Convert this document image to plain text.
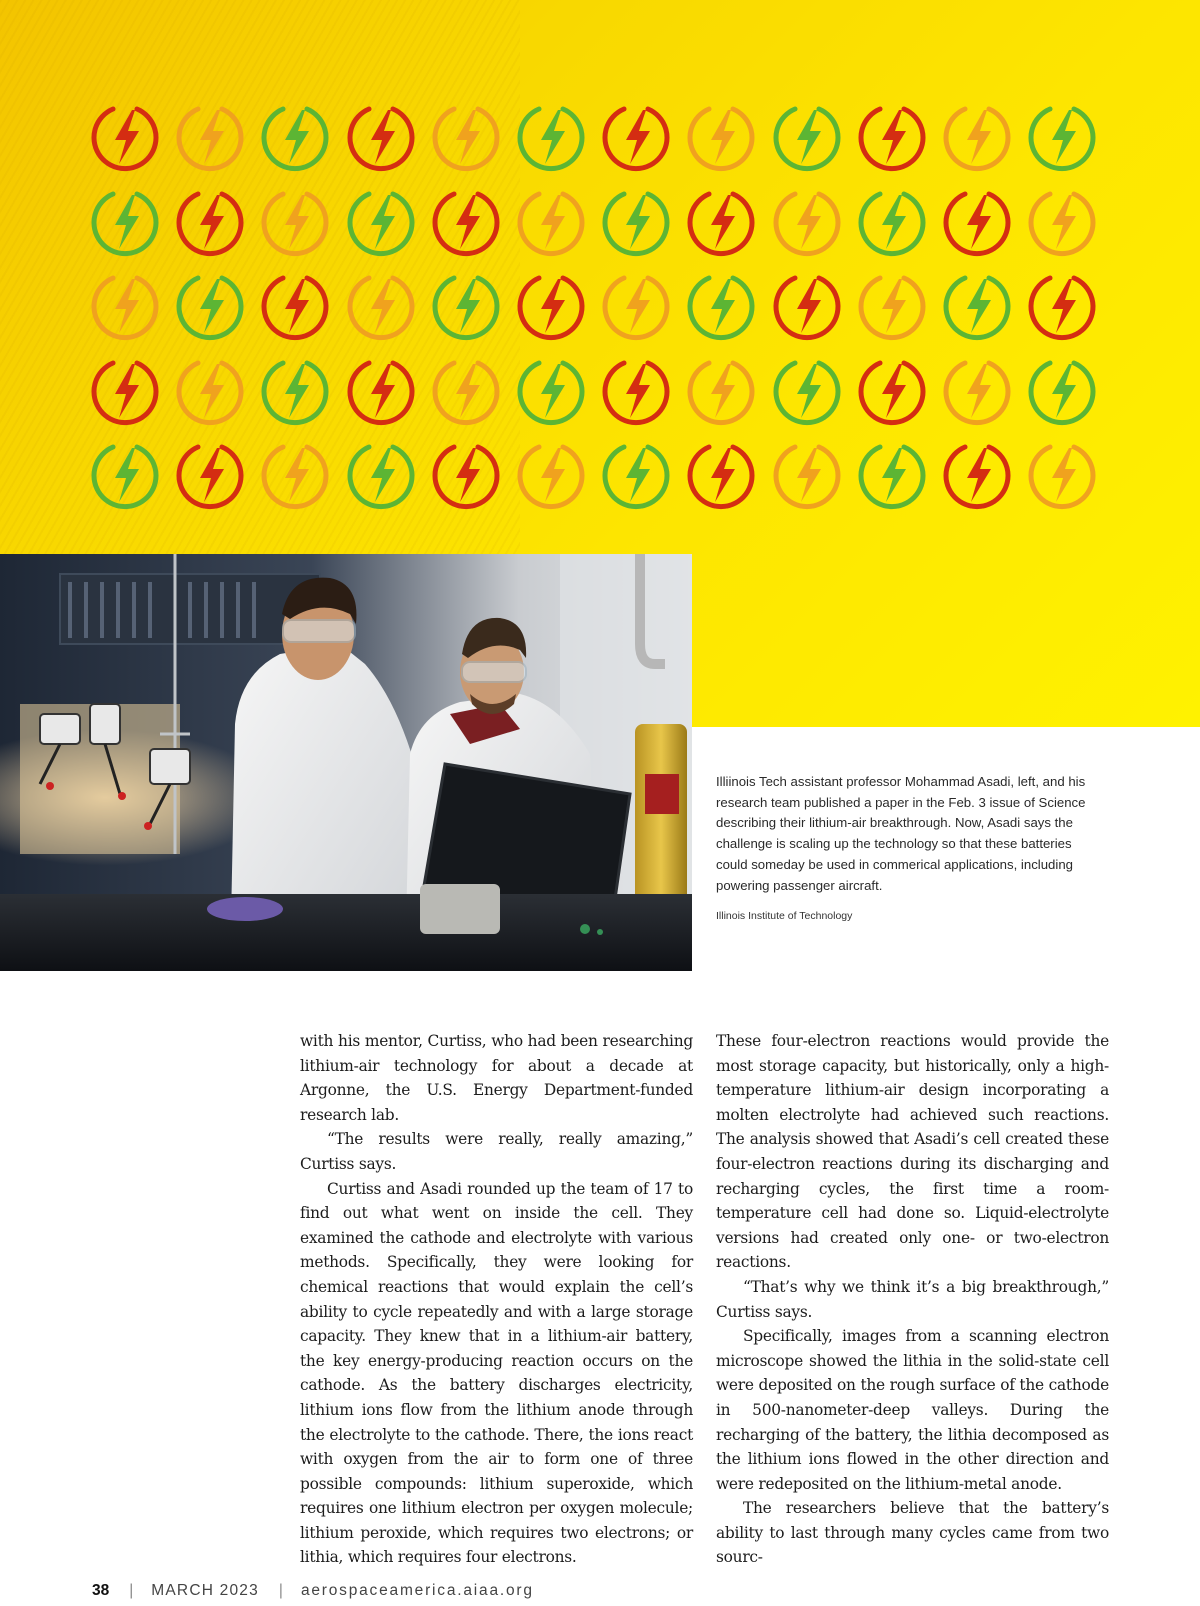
Illiinois Tech assistant professor Mohammad Asadi, left, and his research team published a paper in the Feb. 3 issue of Science describing their lithium-air breakthrough. Now, Asadi says the challenge is scaling up the technology so that these batteries could someday be used in commerical applications, including powering passenger aircraft.

Illinois Institute of Technology

with his mentor, Curtiss, who had been researching lithium-air technology for about a decade at Argonne, the U.S. Energy Department-funded research lab.

“The results were really, really amazing,” Curtiss says.

Curtiss and Asadi rounded up the team of 17 to find out what went on inside the cell. They examined the cathode and electrolyte with various methods. Specifically, they were looking for chemical reactions that would explain the cell’s ability to cycle repeatedly and with a large storage capacity. They knew that in a lithium-air battery, the key energy-producing reaction occurs on the cathode. As the battery discharges electricity, lithium ions flow from the lithium anode through the electrolyte to the cathode. There, the ions react with oxygen from the air to form one of three possible compounds: lithium superoxide, which requires one lithium electron per oxygen molecule; lithium peroxide, which requires two electrons; or lithia, which requires four electrons.

These four-electron reactions would provide the most storage capacity, but historically, only a high-temperature lithium-air design incorporating a molten electrolyte had achieved such reactions. The analysis showed that Asadi’s cell created these four-electron reactions during its discharging and recharging cycles, the first time a room-temperature cell had done so. Liquid-electrolyte versions had created only one- or two-electron reactions.

“That’s why we think it’s a big breakthrough,” Curtiss says.

Specifically, images from a scanning electron microscope showed the lithia in the solid-state cell were deposited on the rough surface of the cathode in 500-nanometer-deep valleys. During the recharging of the battery, the lithia decomposed as the lithium ions flowed in the other direction and were redeposited on the lithium-metal anode.

The researchers believe that the battery’s ability to last through many cycles came from two sourc-

38 | MARCH 2023 | aerospaceamerica.aiaa.org
